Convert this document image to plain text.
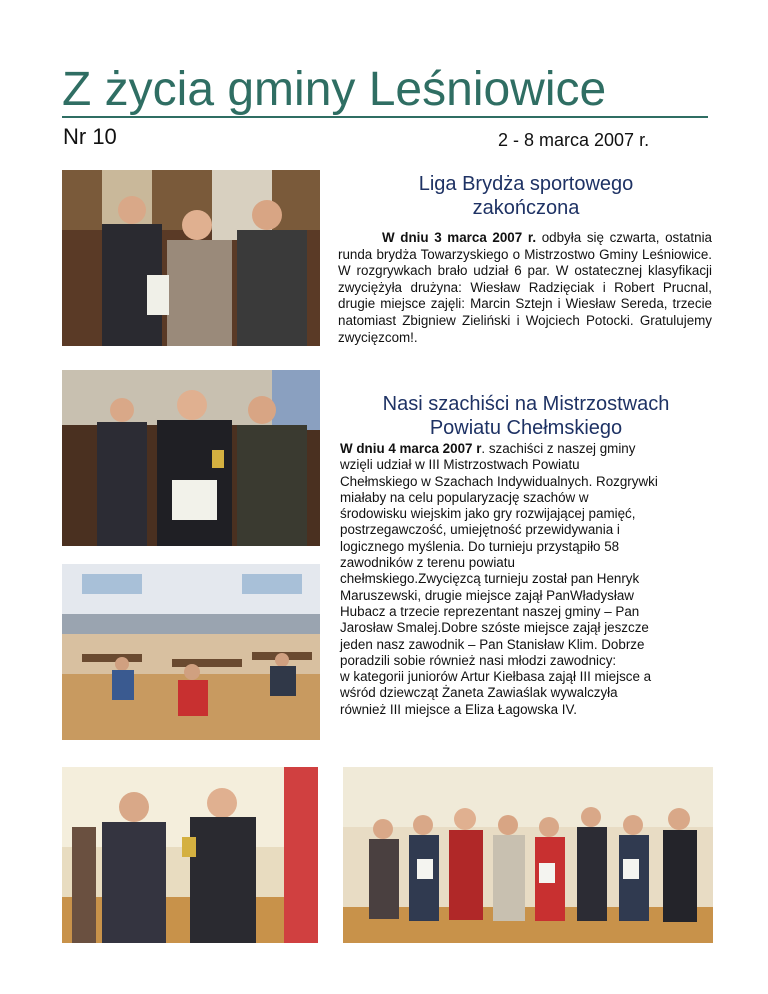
Z życia gminy Leśniowice
Nr 10	2 - 8 marca 2007 r.
Liga Brydża sportowego
zakończona

W dniu 3 marca 2007 r. odbyła się czwarta, ostatnia runda brydża Towarzyskiego o Mistrzostwo Gminy Leśniowice. W rozgrywkach brało udział 6 par. W ostatecznej klasyfikacji zwyciężyła drużyna: Wiesław Radzięciak i Robert Prucnal, drugie miejsce zajęli: Marcin Sztejn i Wiesław Sereda, trzecie natomiast Zbigniew Zieliński i Wojciech Potocki. Gratulujemy zwycięzcom!.

Nasi szachiści na Mistrzostwach
Powiatu Chełmskiego

W dniu 4 marca 2007 r. szachiści z naszej gminy
wzięli udział w III Mistrzostwach Powiatu
Chełmskiego w Szachach Indywidualnych. Rozgrywki
miałaby na celu popularyzację szachów w
środowisku wiejskim jako gry rozwijającej pamięć,
postrzegawczość, umiejętność przewidywania i
logicznego myślenia. Do turnieju przystąpiło 58
zawodników z terenu powiatu
chełmskiego.Zwycięzcą turnieju został pan Henryk
Maruszewski, drugie miejsce zajął PanWładysław
Hubacz a trzecie reprezentant naszej gminy – Pan
Jarosław Smalej.Dobre szóste miejsce zajął jeszcze
jeden nasz zawodnik – Pan Stanisław Klim. Dobrze
poradzili sobie również nasi młodzi zawodnicy:
w kategorii juniorów Artur Kiełbasa zajął III miejsce a
wśród dziewcząt Żaneta Zawiaślak wywalczyła
również III miejsce a Eliza Łagowska IV.
